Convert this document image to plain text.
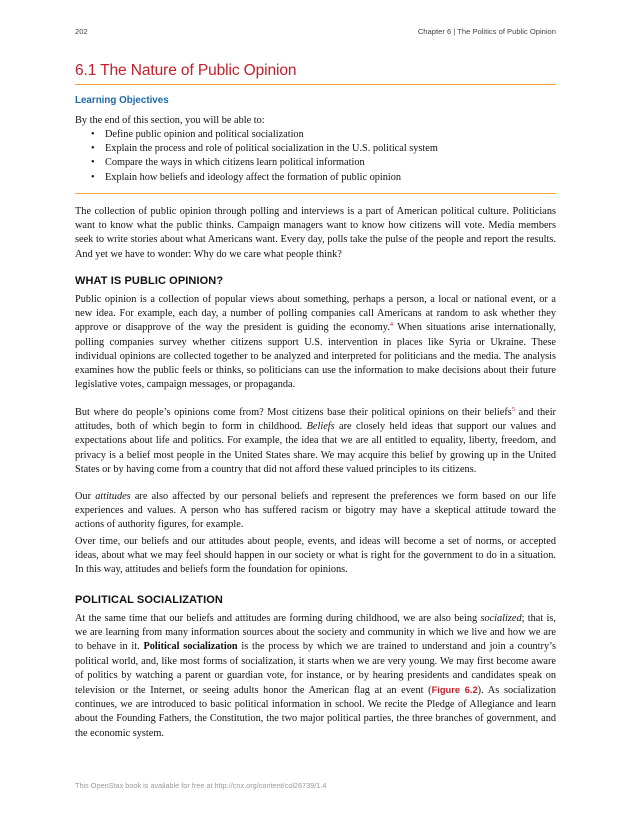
202	Chapter 6 | The Politics of Public Opinion
6.1 The Nature of Public Opinion
Learning Objectives
By the end of this section, you will be able to:
• Define public opinion and political socialization
• Explain the process and role of political socialization in the U.S. political system
• Compare the ways in which citizens learn political information
• Explain how beliefs and ideology affect the formation of public opinion

The collection of public opinion through polling and interviews is a part of American political culture. Politicians want to know what the public thinks. Campaign managers want to know how citizens will vote. Media members seek to write stories about what Americans want. Every day, polls take the pulse of the people and report the results. And yet we have to wonder: Why do we care what people think?

WHAT IS PUBLIC OPINION?

Public opinion is a collection of popular views about something, perhaps a person, a local or national event, or a new idea. For example, each day, a number of polling companies call Americans at random to ask whether they approve or disapprove of the way the president is guiding the economy.$^4$ When situations arise internationally, polling companies survey whether citizens support U.S. intervention in places like Syria or Ukraine. These individual opinions are collected together to be analyzed and interpreted for politicians and the media. The analysis examines how the public feels or thinks, so politicians can use the information to make decisions about their future legislative votes, campaign messages, or propaganda.

But where do people’s opinions come from? Most citizens base their political opinions on their beliefs$^5$ and their attitudes, both of which begin to form in childhood. Beliefs are closely held ideas that support our values and expectations about life and politics. For example, the idea that we are all entitled to equality, liberty, freedom, and privacy is a belief most people in the United States share. We may acquire this belief by growing up in the United States or by having come from a country that did not afford these valued principles to its citizens.

Our attitudes are also affected by our personal beliefs and represent the preferences we form based on our life experiences and values. A person who has suffered racism or bigotry may have a skeptical attitude toward the actions of authority figures, for example.

Over time, our beliefs and our attitudes about people, events, and ideas will become a set of norms, or accepted ideas, about what we may feel should happen in our society or what is right for the government to do in a situation. In this way, attitudes and beliefs form the foundation for opinions.

POLITICAL SOCIALIZATION

At the same time that our beliefs and attitudes are forming during childhood, we are also being socialized; that is, we are learning from many information sources about the society and community in which we live and how we are to behave in it. Political socialization is the process by which we are trained to understand and join a country’s political world, and, like most forms of socialization, it starts when we are very young. We may first become aware of politics by watching a parent or guardian vote, for instance, or by hearing presidents and candidates speak on television or the Internet, or seeing adults honor the American flag at an event (Figure 6.2). As socialization continues, we are introduced to basic political information in school. We recite the Pledge of Allegiance and learn about the Founding Fathers, the Constitution, the two major political parties, the three branches of government, and the economic system.

This OpenStax book is available for free at http://cnx.org/content/col26739/1.4
